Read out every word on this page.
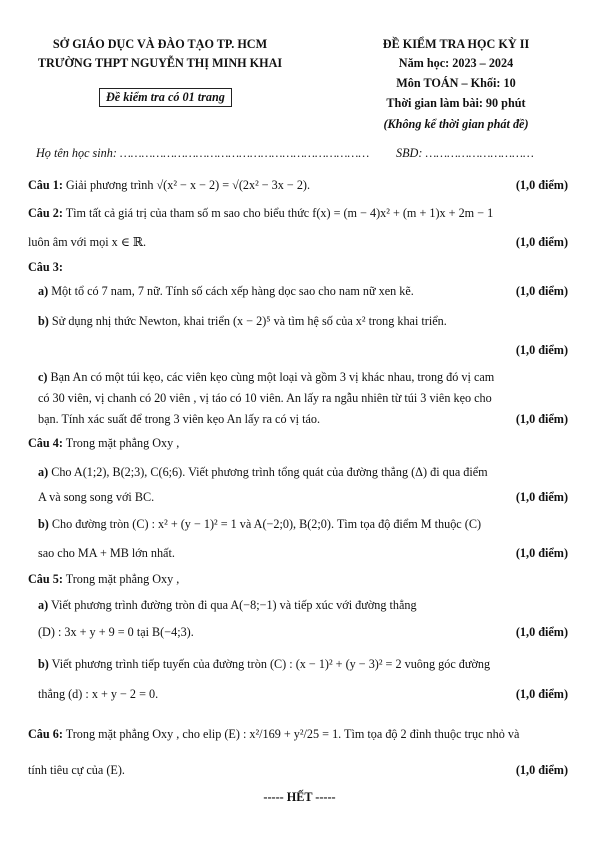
SỞ GIÁO DỤC VÀ ĐÀO TẠO TP. HCM
TRƯỜNG THPT NGUYỄN THỊ MINH KHAI
Đề kiểm tra có 01 trang
ĐỀ KIỂM TRA HỌC KỲ II
Năm học: 2023 – 2024
Môn TOÁN – Khối: 10
Thời gian làm bài: 90 phút
(Không kể thời gian phát đề)
Họ tên học sinh: …………………………………………………………… SBD: …………………………
Câu 1: Giải phương trình √(x² − x − 2) = √(2x² − 3x − 2).	(1,0 điểm)
Câu 2: Tìm tất cả giá trị của tham số m sao cho biểu thức f(x) = (m − 4)x² + (m + 1)x + 2m − 1
luôn âm với mọi x ∈ ℝ.	(1,0 điểm)
Câu 3:
a) Một tổ có 7 nam, 7 nữ. Tính số cách xếp hàng dọc sao cho nam nữ xen kẽ.	(1,0 điểm)
b) Sử dụng nhị thức Newton, khai triển (x − 2)⁵ và tìm hệ số của x² trong khai triển.
(1,0 điểm)
c) Bạn An có một túi kẹo, các viên kẹo cùng một loại và gồm 3 vị khác nhau, trong đó vị cam
có 30 viên, vị chanh có 20 viên , vị táo có 10 viên. An lấy ra ngẫu nhiên từ túi 3 viên kẹo cho
bạn. Tính xác suất để trong 3 viên kẹo An lấy ra có vị táo.	(1,0 điểm)
Câu 4: Trong mặt phẳng Oxy ,
a) Cho A(1;2), B(2;3), C(6;6). Viết phương trình tổng quát của đường thẳng (Δ) đi qua điểm
A và song song với BC.	(1,0 điểm)
b) Cho đường tròn (C) : x² + (y − 1)² = 1 và A(−2;0), B(2;0). Tìm tọa độ điểm M thuộc (C)
sao cho MA + MB lớn nhất.	(1,0 điểm)
Câu 5: Trong mặt phẳng Oxy ,
a) Viết phương trình đường tròn đi qua A(−8;−1) và tiếp xúc với đường thẳng
(D) : 3x + y + 9 = 0 tại B(−4;3).	(1,0 điểm)
b) Viết phương trình tiếp tuyến của đường tròn (C) : (x − 1)² + (y − 3)² = 2 vuông góc đường
thẳng (d) : x + y − 2 = 0.	(1,0 điểm)
Câu 6: Trong mặt phẳng Oxy , cho elip (E) : x²/169 + y²/25 = 1. Tìm tọa độ 2 đỉnh thuộc trục nhỏ và
tính tiêu cự của (E).	(1,0 điểm)
----- HẾT -----
